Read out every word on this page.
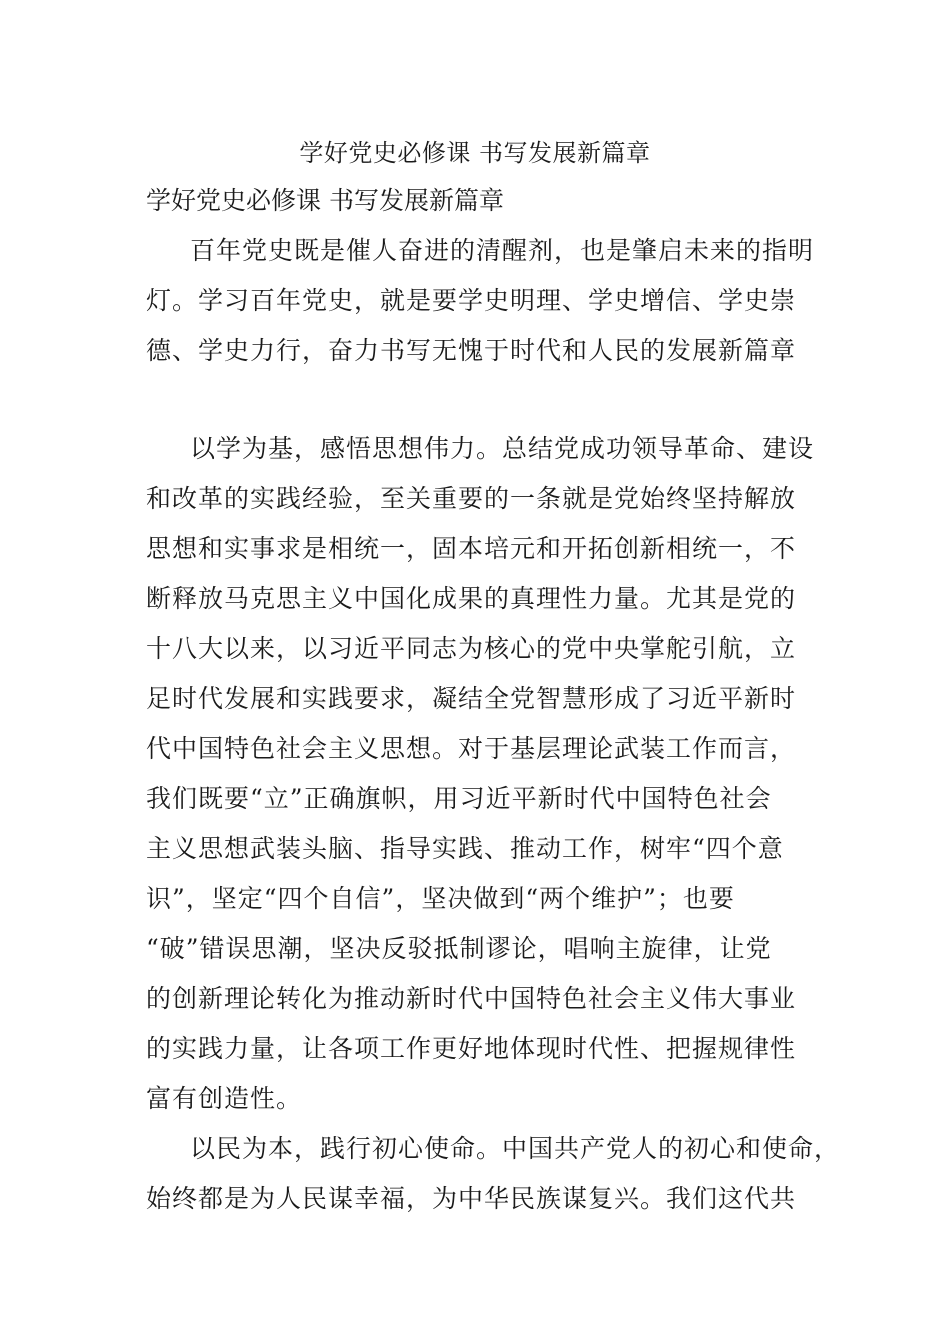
学好党史必修课 书写发展新篇章
学好党史必修课 书写发展新篇章
百年党史既是催人奋进的清醒剂，也是肇启未来的指明
灯。学习百年党史，就是要学史明理、学史增信、学史崇
德、学史力行，奋力书写无愧于时代和人民的发展新篇章
以学为基，感悟思想伟力。总结党成功领导革命、建设
和改革的实践经验，至关重要的一条就是党始终坚持解放
思想和实事求是相统一，固本培元和开拓创新相统一，不
断释放马克思主义中国化成果的真理性力量。尤其是党的
十八大以来，以习近平同志为核心的党中央掌舵引航，立
足时代发展和实践要求，凝结全党智慧形成了习近平新时
代中国特色社会主义思想。对于基层理论武装工作而言，
我们既要“立”正确旗帜，用习近平新时代中国特色社会
主义思想武装头脑、指导实践、推动工作，树牢“四个意
识”，坚定“四个自信”，坚决做到“两个维护”；也要
“破”错误思潮，坚决反驳抵制谬论，唱响主旋律，让党
的创新理论转化为推动新时代中国特色社会主义伟大事业
的实践力量，让各项工作更好地体现时代性、把握规律性
富有创造性。
以民为本，践行初心使命。中国共产党人的初心和使命，
始终都是为人民谋幸福，为中华民族谋复兴。我们这代共
